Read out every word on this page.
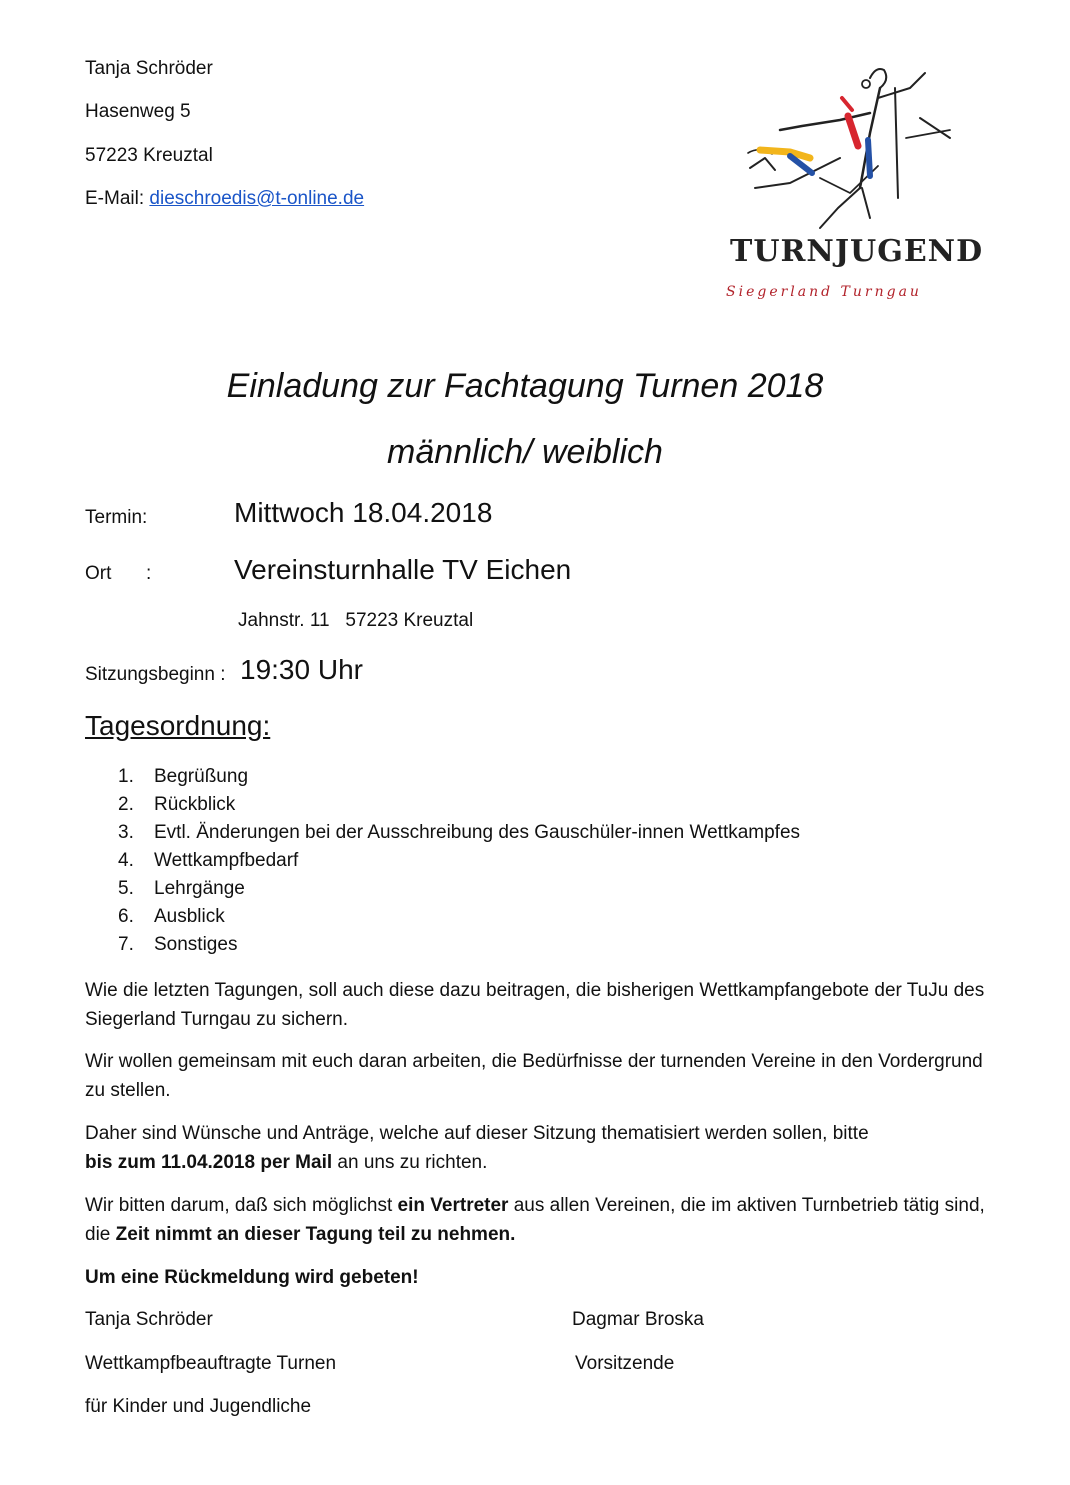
Tanja Schröder
Hasenweg 5
57223 Kreuztal
E-Mail: dieschroedis@t-online.de
TURNJUGEND
Siegerland Turngau
Einladung zur Fachtagung Turnen 2018
männlich/ weiblich
Termin:	Mittwoch 18.04.2018
Ort :	Vereinsturnhalle TV Eichen
Jahnstr. 11   57223 Kreuztal
Sitzungsbeginn : 19:30 Uhr
Tagesordnung:
1.	Begrüßung
2.	Rückblick
3.	Evtl. Änderungen bei der Ausschreibung des Gauschüler-innen Wettkampfes
4.	Wettkampfbedarf
5.	Lehrgänge
6.	Ausblick
7.	Sonstiges

Wie die letzten Tagungen, soll auch diese dazu beitragen, die bisherigen Wettkampfangebote der TuJu des Siegerland Turngau zu sichern.

Wir wollen gemeinsam mit euch daran arbeiten, die Bedürfnisse der turnenden Vereine in den Vordergrund zu stellen.

Daher sind Wünsche und Anträge, welche auf dieser Sitzung thematisiert werden sollen, bitte
bis zum 11.04.2018 per Mail an uns zu richten.

Wir bitten darum, daß sich möglichst ein Vertreter aus allen Vereinen, die im aktiven Turnbetrieb tätig sind, die Zeit nimmt an dieser Tagung teil zu nehmen.

Um eine Rückmeldung wird gebeten!

Tanja Schröder	Dagmar Broska
Wettkampfbeauftragte Turnen	Vorsitzende
für Kinder und Jugendliche
